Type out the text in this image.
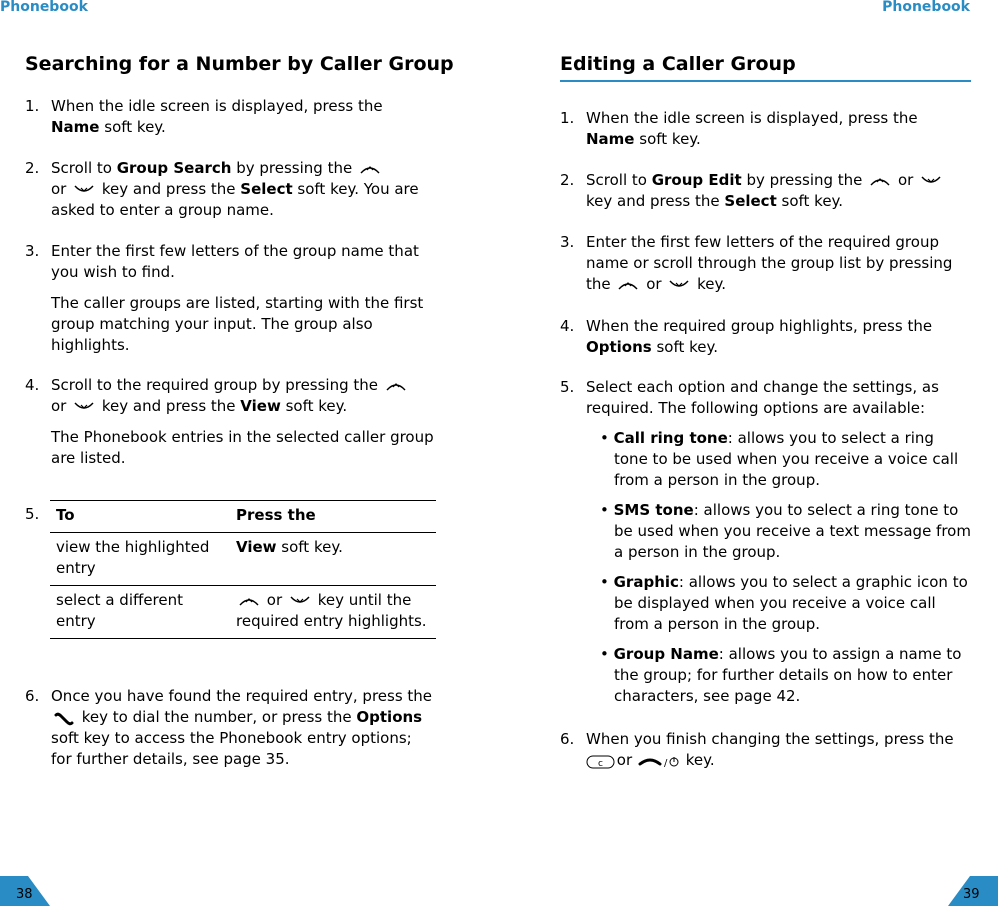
Phonebook
Searching for a Number by Caller Group
1. When the idle screen is displayed, press the
Name soft key.
2. Scroll to Group Search by pressing the

or
key and press the Select soft key. You are asked to enter a group name.
3. Enter the first few letters of the group name that you wish to find.
The caller groups are listed, starting with the first group matching your input. The group also highlights.
4. Scroll to the required group by pressing the

or
key and press the View soft key.
The Phonebook entries in the selected caller group are listed.
5. To	Press the
view the highlighted entry	View soft key.
select a different entry	or
key until the required entry highlights.
6. Once you have found the required entry, press the
key to dial the number, or press the Options soft key to access the Phonebook entry options; for further details, see page 35.
38
Phonebook
Editing a Caller Group
1. When the idle screen is displayed, press the
Name soft key.
2. Scroll to Group Edit by pressing the or

key and press the Select soft key.
3. Enter the first few letters of the required group name or scroll through the group list by pressing the or key.
4. When the required group highlights, press the
Options soft key.
5. Select each option and change the settings, as required. The following options are available:
• Call ring tone: allows you to select a ring tone to be used when you receive a voice call from a person in the group.
• SMS tone: allows you to select a ring tone to be used when you receive a text message from a person in the group.
• Graphic: allows you to select a graphic icon to be displayed when you receive a voice call from a person in the group.
• Group Name: allows you to assign a name to the group; for further details on how to enter characters, see page 42.
6. When you finish changing the settings, press the

c or	/ key.
39
